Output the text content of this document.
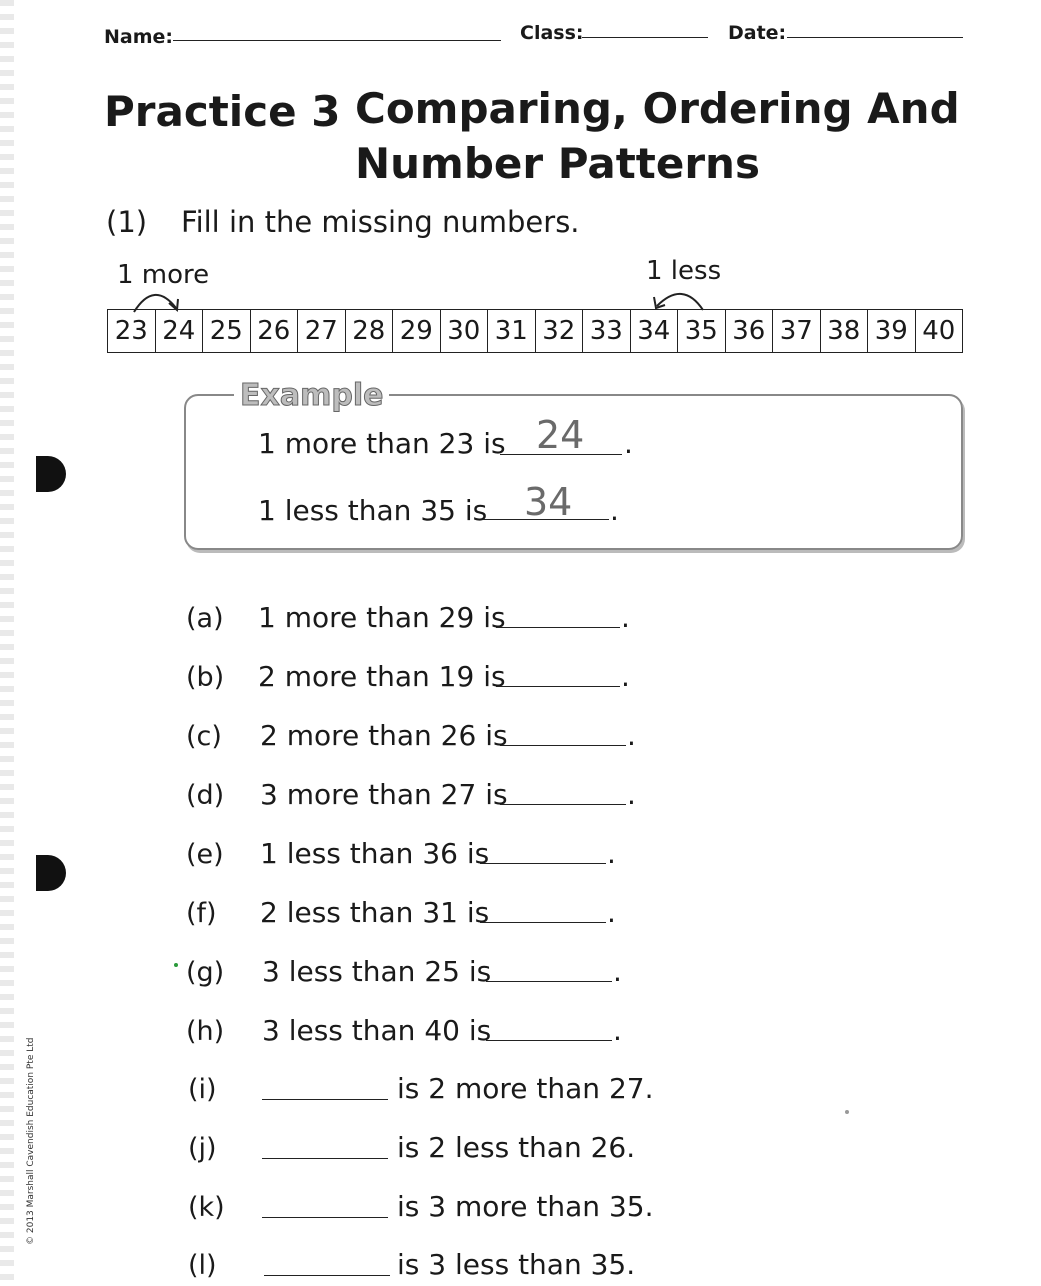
© 2013 Marshall Cavendish Education Pte Ltd
Name:	Class:	Date:
Practice 3 Comparing, Ordering And
Number Patterns
(1) Fill in the missing numbers.
1 more	1 less
23 24 25 26 27 28 29 30 31 32 33 34 35 36 37 38 39 40
Example
1 more than 23 is 24 .
1 less than 35 is 34 .
(a) 1 more than 29 is	.
(b) 2 more than 19 is	.
(c) 2 more than 26 is	.
(d) 3 more than 27 is	.
(e) 1 less than 36 is	.
(f) 2 less than 31 is	.
(g) 3 less than 25 is	.
(h) 3 less than 40 is	.
(i)	is 2 more than 27.
(j)	is 2 less than 26.
(k)	is 3 more than 35.
(l)	is 3 less than 35.
